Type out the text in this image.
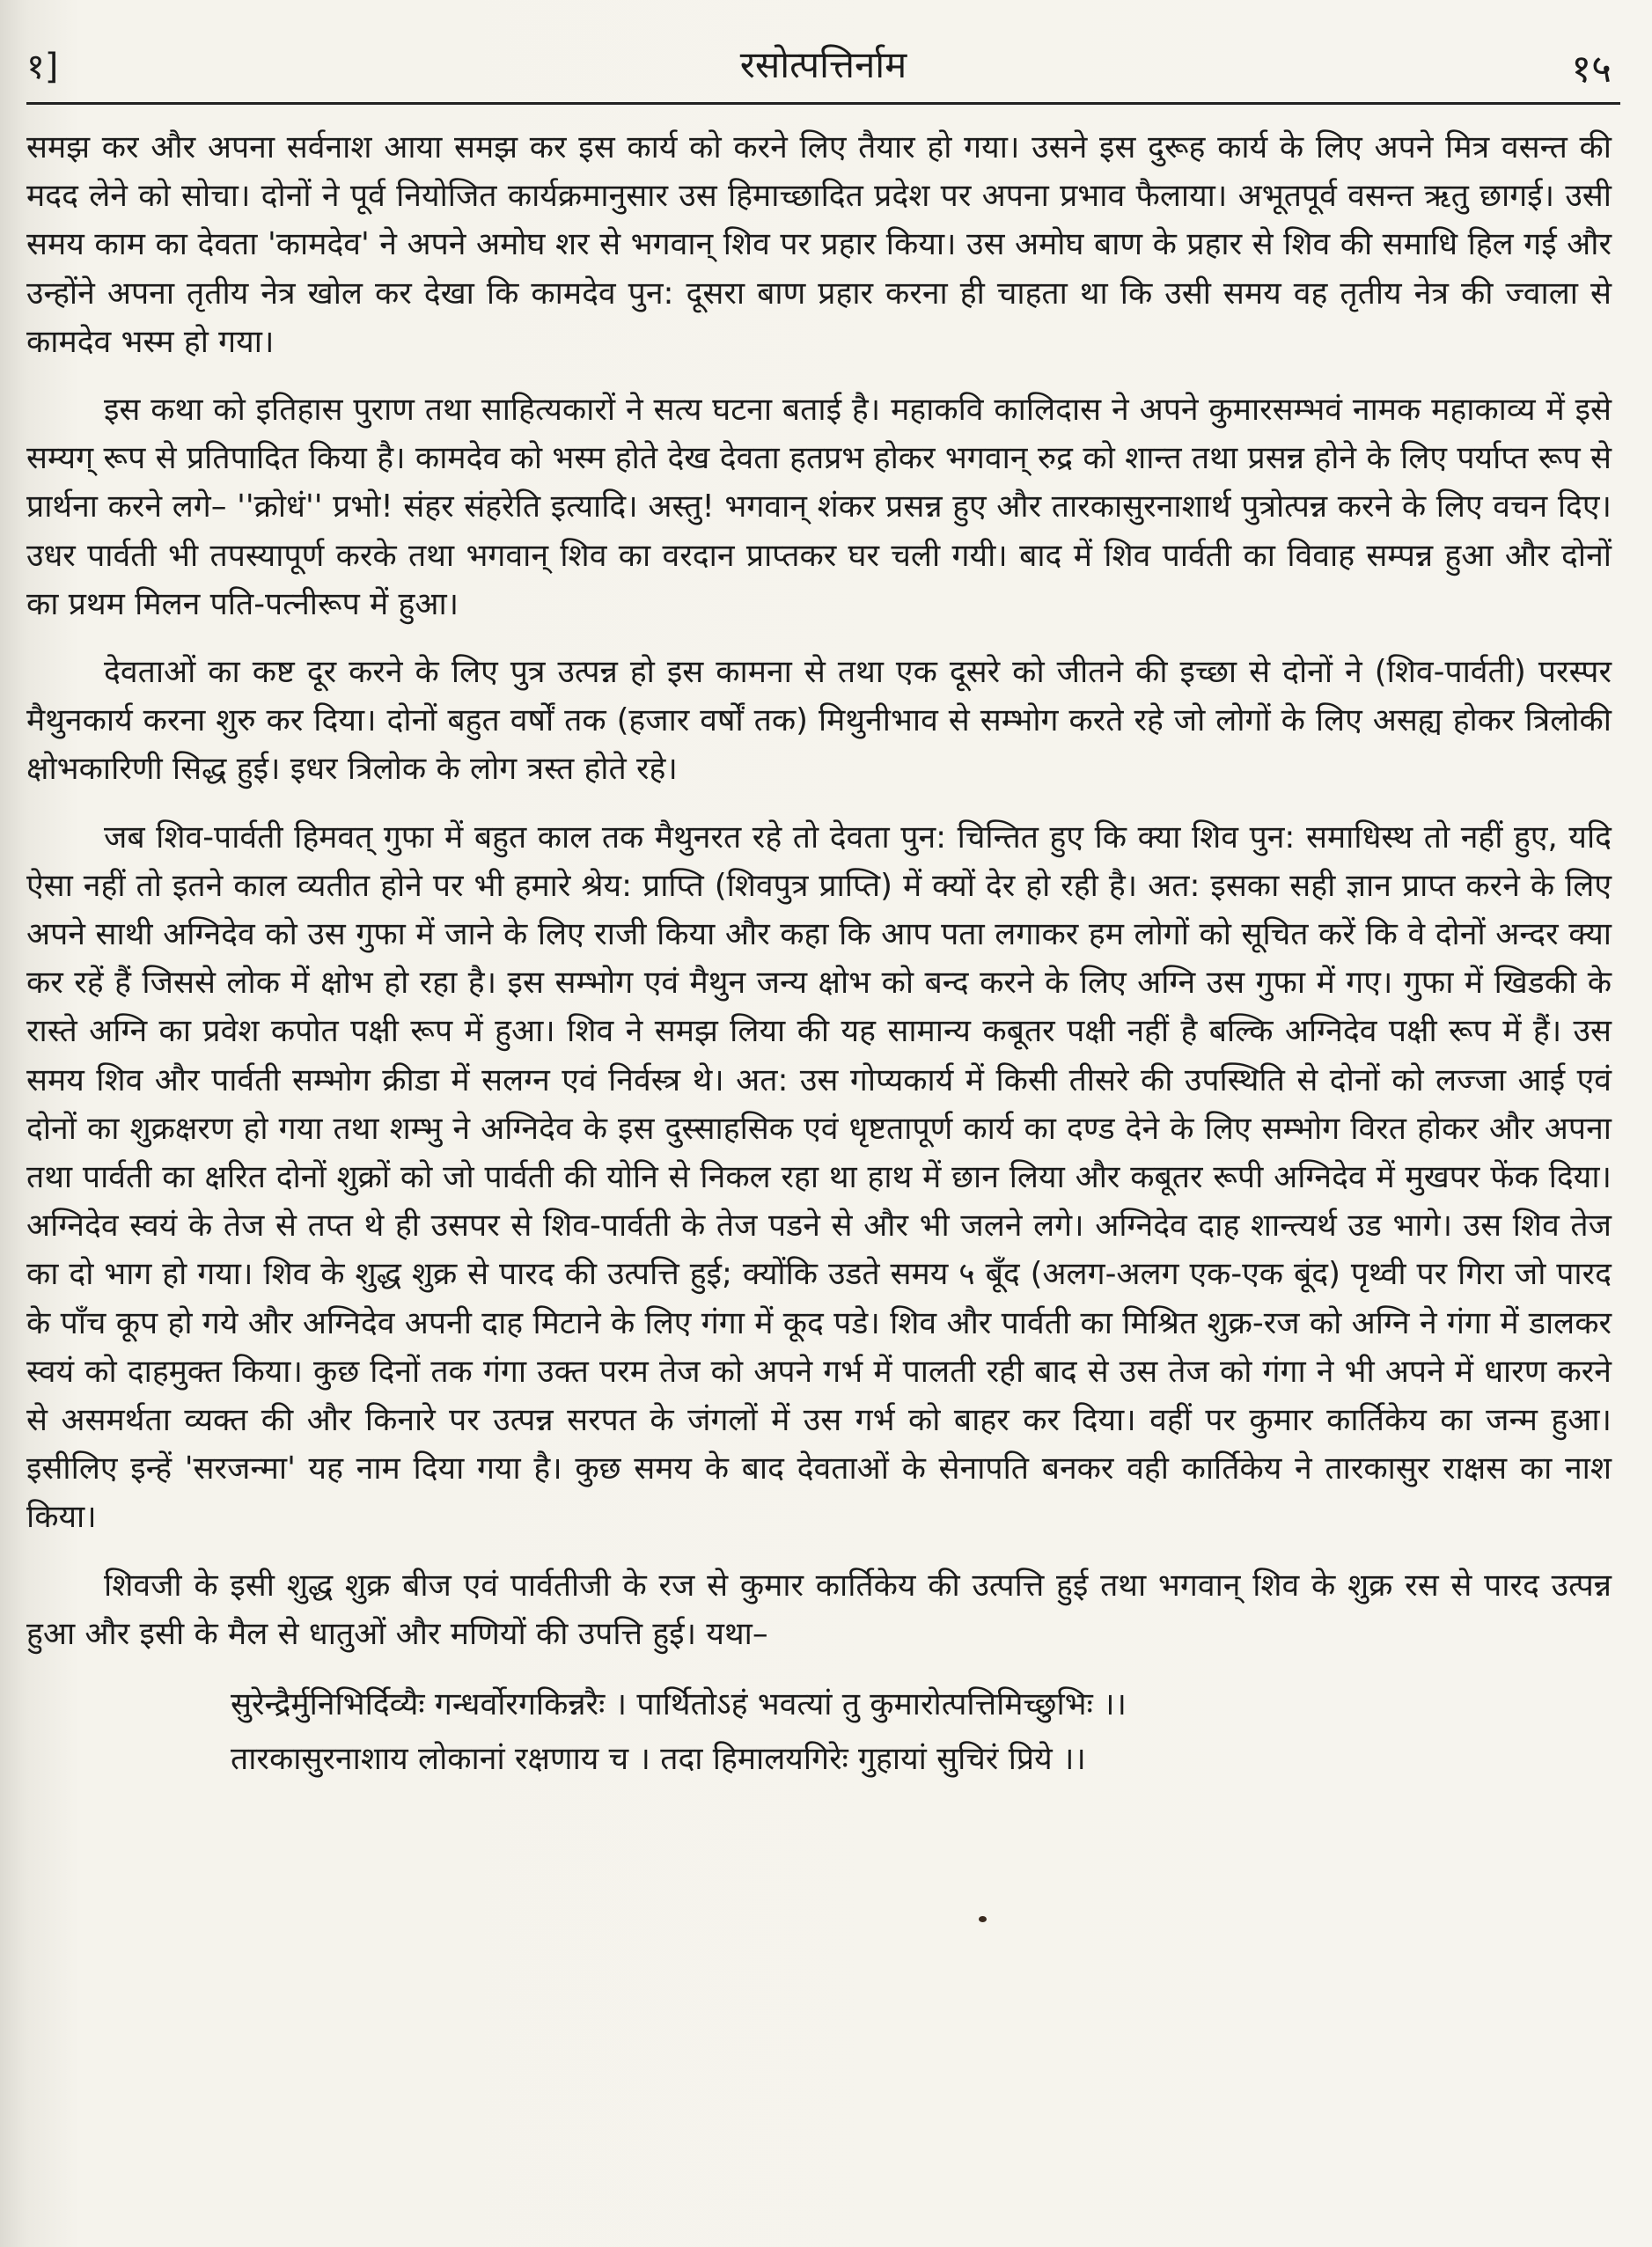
१]	रसोत्पत्तिर्नाम	१५

समझ कर और अपना सर्वनाश आया समझ कर इस कार्य को करने लिए तैयार हो गया। उसने इस दुरूह कार्य के लिए अपने मित्र वसन्त की मदद लेने को सोचा। दोनों ने पूर्व नियोजित कार्यक्रमानुसार उस हिमाच्छादित प्रदेश पर अपना प्रभाव फैलाया। अभूतपूर्व वसन्त ऋतु छागई। उसी समय काम का देवता 'कामदेव' ने अपने अमोघ शर से भगवान् शिव पर प्रहार किया। उस अमोघ बाण के प्रहार से शिव की समाधि हिल गई और उन्होंने अपना तृतीय नेत्र खोल कर देखा कि कामदेव पुन: दूसरा बाण प्रहार करना ही चाहता था कि उसी समय वह तृतीय नेत्र की ज्वाला से कामदेव भस्म हो गया।

इस कथा को इतिहास पुराण तथा साहित्यकारों ने सत्य घटना बताई है। महाकवि कालिदास ने अपने कुमारसम्भवं नामक महाकाव्य में इसे सम्यग् रूप से प्रतिपादित किया है। कामदेव को भस्म होते देख देवता हतप्रभ होकर भगवान् रुद्र को शान्त तथा प्रसन्न होने के लिए पर्याप्त रूप से प्रार्थना करने लगे– ''क्रोधं'' प्रभो! संहर संहरेति इत्यादि। अस्तु! भगवान् शंकर प्रसन्न हुए और तारकासुरनाशार्थ पुत्रोत्पन्न करने के लिए वचन दिए। उधर पार्वती भी तपस्यापूर्ण करके तथा भगवान् शिव का वरदान प्राप्तकर घर चली गयी। बाद में शिव पार्वती का विवाह सम्पन्न हुआ और दोनों का प्रथम मिलन पति-पत्नीरूप में हुआ।

देवताओं का कष्ट दूर करने के लिए पुत्र उत्पन्न हो इस कामना से तथा एक दूसरे को जीतने की इच्छा से दोनों ने (शिव-पार्वती) परस्पर मैथुनकार्य करना शुरु कर दिया। दोनों बहुत वर्षों तक (हजार वर्षों तक) मिथुनीभाव से सम्भोग करते रहे जो लोगों के लिए असह्य होकर त्रिलोकी क्षोभकारिणी सिद्ध हुई। इधर त्रिलोक के लोग त्रस्त होते रहे।

जब शिव-पार्वती हिमवत् गुफा में बहुत काल तक मैथुनरत रहे तो देवता पुन: चिन्तित हुए कि क्या शिव पुन: समाधिस्थ तो नहीं हुए, यदि ऐसा नहीं तो इतने काल व्यतीत होने पर भी हमारे श्रेय: प्राप्ति (शिवपुत्र प्राप्ति) में क्यों देर हो रही है। अत: इसका सही ज्ञान प्राप्त करने के लिए अपने साथी अग्निदेव को उस गुफा में जाने के लिए राजी किया और कहा कि आप पता लगाकर हम लोगों को सूचित करें कि वे दोनों अन्दर क्या कर रहें हैं जिससे लोक में क्षोभ हो रहा है। इस सम्भोग एवं मैथुन जन्य क्षोभ को बन्द करने के लिए अग्नि उस गुफा में गए। गुफा में खिडकी के रास्ते अग्नि का प्रवेश कपोत पक्षी रूप में हुआ। शिव ने समझ लिया की यह सामान्य कबूतर पक्षी नहीं है बल्कि अग्निदेव पक्षी रूप में हैं। उस समय शिव और पार्वती सम्भोग क्रीडा में सलग्न एवं निर्वस्त्र थे। अत: उस गोप्यकार्य में किसी तीसरे की उपस्थिति से दोनों को लज्जा आई एवं दोनों का शुक्रक्षरण हो गया तथा शम्भु ने अग्निदेव के इस दुस्साहसिक एवं धृष्टतापूर्ण कार्य का दण्ड देने के लिए सम्भोग विरत होकर और अपना तथा पार्वती का क्षरित दोनों शुक्रों को जो पार्वती की योनि से निकल रहा था हाथ में छान लिया और कबूतर रूपी अग्निदेव में मुखपर फेंक दिया। अग्निदेव स्वयं के तेज से तप्त थे ही उसपर से शिव-पार्वती के तेज पडने से और भी जलने लगे। अग्निदेव दाह शान्त्यर्थ उड भागे। उस शिव तेज का दो भाग हो गया। शिव के शुद्ध शुक्र से पारद की उत्पत्ति हुई; क्योंकि उडते समय ५ बूँद (अलग-अलग एक-एक बूंद) पृथ्वी पर गिरा जो पारद के पाँच कूप हो गये और अग्निदेव अपनी दाह मिटाने के लिए गंगा में कूद पडे। शिव और पार्वती का मिश्रित शुक्र-रज को अग्नि ने गंगा में डालकर स्वयं को दाहमुक्त किया। कुछ दिनों तक गंगा उक्त परम तेज को अपने गर्भ में पालती रही बाद से उस तेज को गंगा ने भी अपने में धारण करने से असमर्थता व्यक्त की और किनारे पर उत्पन्न सरपत के जंगलों में उस गर्भ को बाहर कर दिया। वहीं पर कुमार कार्तिकेय का जन्म हुआ। इसीलिए इन्हें 'सरजन्मा' यह नाम दिया गया है। कुछ समय के बाद देवताओं के सेनापति बनकर वही कार्तिकेय ने तारकासुर राक्षस का नाश किया।

शिवजी के इसी शुद्ध शुक्र बीज एवं पार्वतीजी के रज से कुमार कार्तिकेय की उत्पत्ति हुई तथा भगवान् शिव के शुक्र रस से पारद उत्पन्न हुआ और इसी के मैल से धातुओं और मणियों की उपत्ति हुई। यथा–

सुरेन्द्रैर्मुनिभिर्दिव्यैः गन्धर्वोरगकिन्नरैः । पार्थितोऽहं भवत्यां तु कुमारोत्पत्तिमिच्छुभिः ।।
तारकासुरनाशाय लोकानां रक्षणाय च । तदा हिमालयगिरेः गुहायां सुचिरं प्रिये ।।
